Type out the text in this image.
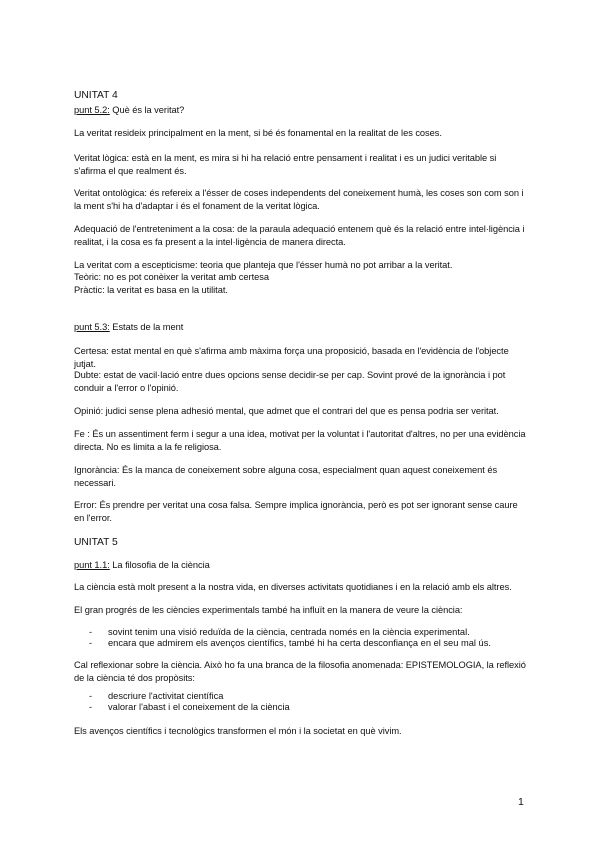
UNITAT 4
punt 5.2: Què és la veritat?
La veritat resideix principalment en la ment, si bé és fonamental en la realitat de les coses.
Veritat lògica: està en la ment, es mira si hi ha relació entre pensament i realitat i es un judici veritable si s'afirma el que realment és.
Veritat ontològica: és refereix a l'ésser de coses independents del coneixement humà, les coses son com son i la ment s'hi ha d'adaptar i és el fonament de la veritat lògica.
Adequació de l'entreteniment a la cosa: de la paraula adequació entenem què és la relació entre intel·ligència i realitat, i la cosa es fa present a la intel·ligència de manera directa.
La veritat com a escepticisme: teoria que planteja que l'ésser humà no pot arribar a la veritat.
Teòric: no es pot conèixer la veritat amb certesa
Pràctic: la veritat es basa en la utilitat.
punt 5.3: Estats de la ment
Certesa: estat mental en què s'afirma amb màxima força una proposició, basada en l'evidència de l'objecte jutjat.
Dubte: estat de vacil·lació entre dues opcions sense decidir-se per cap. Sovint prové de la ignorància i pot conduir a l'error o l'opinió.
Opinió: judici sense plena adhesió mental, que admet que el contrari del que es pensa podria ser veritat.
Fe : És un assentiment ferm i segur a una idea, motivat per la voluntat i l'autoritat d'altres, no per una evidència directa. No es limita a la fe religiosa.
Ignorància: És la manca de coneixement sobre alguna cosa, especialment quan aquest coneixement és necessari.
Error: És prendre per veritat una cosa falsa. Sempre implica ignorància, però es pot ser ignorant sense caure en l'error.
UNITAT 5
punt 1.1: La filosofia de la ciència
La ciència està molt present a la nostra vida, en diverses activitats quotidianes i en la relació amb els altres.
El gran progrés de les ciències experimentals també ha influït en la manera de veure la ciència:
- sovint tenim una visió reduïda de la ciència, centrada només en la ciència experimental.
- encara que admirem els avenços científics, també hi ha certa desconfiança en el seu mal ús.
Cal reflexionar sobre la ciència. Això ho fa una branca de la filosofia anomenada: EPISTEMOLOGIA, la reflexió de la ciència té dos propòsits:
- descriure l'activitat científica
- valorar l'abast i el coneixement de la ciència
Els avenços científics i tecnològics transformen el món i la societat en què vivim.
1
